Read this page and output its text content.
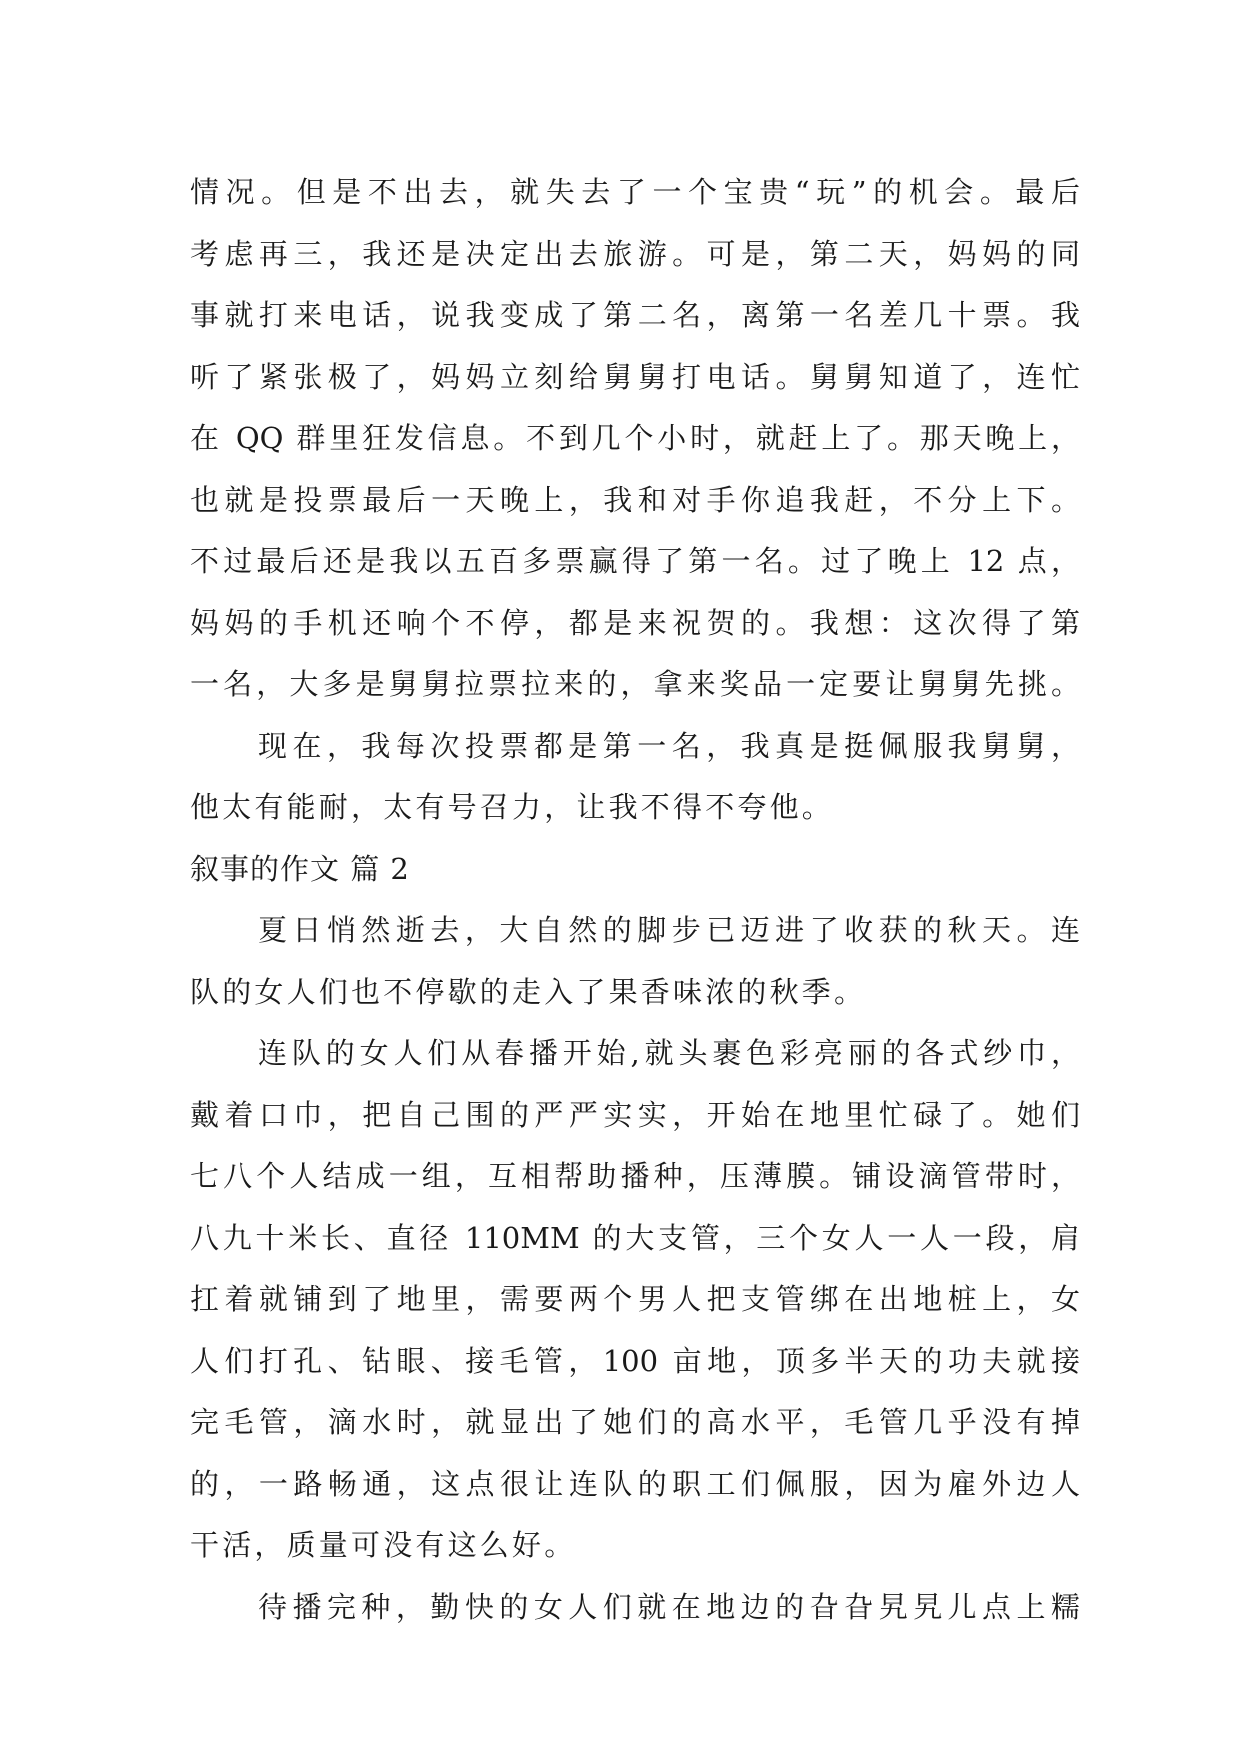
情况。但是不出去，就失去了一个宝贵“玩”的机会。最后
考虑再三，我还是决定出去旅游。可是，第二天，妈妈的同
事就打来电话，说我变成了第二名，离第一名差几十票。我
听了紧张极了，妈妈立刻给舅舅打电话。舅舅知道了，连忙
在 QQ 群里狂发信息。不到几个小时，就赶上了。那天晚上，
也就是投票最后一天晚上，我和对手你追我赶，不分上下。
不过最后还是我以五百多票赢得了第一名。过了晚上 12 点，
妈妈的手机还响个不停，都是来祝贺的。我想：这次得了第
一名，大多是舅舅拉票拉来的，拿来奖品一定要让舅舅先挑。
现在，我每次投票都是第一名，我真是挺佩服我舅舅，
他太有能耐，太有号召力，让我不得不夸他。
叙事的作文 篇 2
夏日悄然逝去，大自然的脚步已迈进了收获的秋天。连
队的女人们也不停歇的走入了果香味浓的秋季。
连队的女人们从春播开始,就头裹色彩亮丽的各式纱巾，
戴着口巾，把自己围的严严实实，开始在地里忙碌了。她们
七八个人结成一组，互相帮助播种，压薄膜。铺设滴管带时，
八九十米长、直径 110MM 的大支管，三个女人一人一段，肩
扛着就铺到了地里，需要两个男人把支管绑在出地桩上，女
人们打孔、钻眼、接毛管，100 亩地，顶多半天的功夫就接
完毛管，滴水时，就显出了她们的高水平，毛管几乎没有掉
的，一路畅通，这点很让连队的职工们佩服，因为雇外边人
干活，质量可没有这么好。
待播完种，勤快的女人们就在地边的旮旮旯旯儿点上糯
